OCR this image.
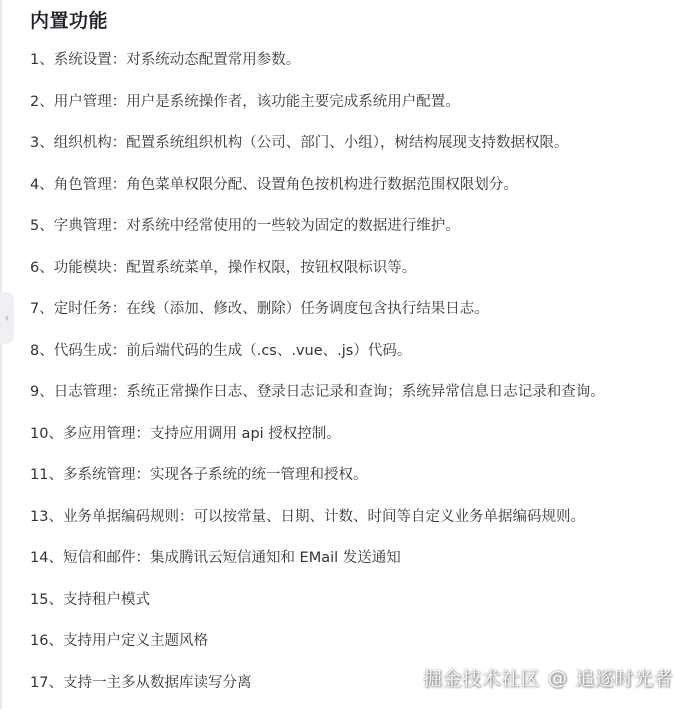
‹
内置功能
1、系统设置：对系统动态配置常用参数。
2、用户管理：用户是系统操作者，该功能主要完成系统用户配置。
3、组织机构：配置系统组织机构（公司、部门、小组），树结构展现支持数据权限。
4、角色管理：角色菜单权限分配、设置角色按机构进行数据范围权限划分。
5、字典管理：对系统中经常使用的一些较为固定的数据进行维护。
6、功能模块：配置系统菜单，操作权限，按钮权限标识等。
7、定时任务：在线（添加、修改、删除）任务调度包含执行结果日志。
8、代码生成：前后端代码的生成（.cs、.vue、.js）代码。
9、日志管理：系统正常操作日志、登录日志记录和查询；系统异常信息日志记录和查询。
10、多应用管理：支持应用调用 api 授权控制。
11、多系统管理：实现各子系统的统一管理和授权。
13、业务单据编码规则：可以按常量、日期、计数、时间等自定义业务单据编码规则。
14、短信和邮件：集成腾讯云短信通知和 EMail 发送通知
15、支持租户模式
16、支持用户定义主题风格
17、支持一主多从数据库读写分离	掘金技术社区 @ 追逐时光者
